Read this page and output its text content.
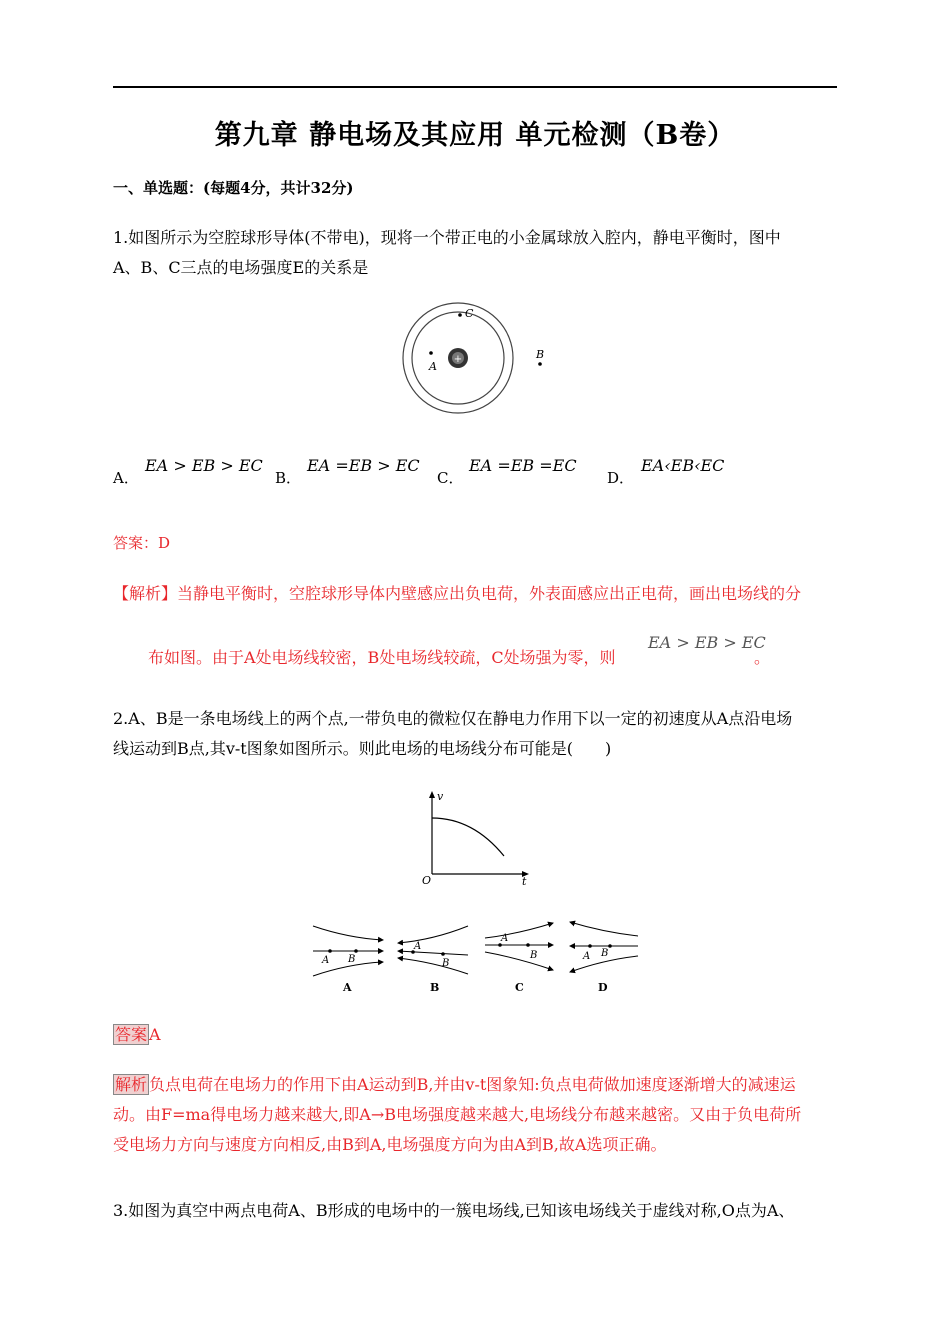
第九章 静电场及其应用 单元检测（B卷）
一、单选题：(每题4分，共计32分)
1.如图所示为空腔球形导体(不带电)，现将一个带正电的小金属球放入腔内，静电平衡时，图中
A、B、C三点的电场强度E的关系是
+
A
C
B
A．
EA > EB > EC
B．
EA =EB > EC
C．
EA =EB =EC
D．
EA‹EB‹EC
答案：D
【解析】当静电平衡时，空腔球形导体内壁感应出负电荷，外表面感应出正电荷，画出电场线的分
布如图。由于A处电场线较密，B处电场线较疏，C处场强为零，则
EA > EB > EC
。
2.A、B是一条电场线上的两个点,一带负电的微粒仅在静电力作用下以一定的初速度从A点沿电场
线运动到B点,其v-t图象如图所示。则此电场的电场线分布可能是(　　)
v
O	t
A B
A
A
B
B
A
B
C
A B
D
答案 A
解析 负点电荷在电场力的作用下由A运动到B,并由v-t图象知:负点电荷做加速度逐渐增大的减速运
动。由F=ma得电场力越来越大,即A→B电场强度越来越大,电场线分布越来越密。又由于负电荷所
受电场力方向与速度方向相反,由B到A,电场强度方向为由A到B,故A选项正确。
3.如图为真空中两点电荷A、B形成的电场中的一簇电场线,已知该电场线关于虚线对称,O点为A、
